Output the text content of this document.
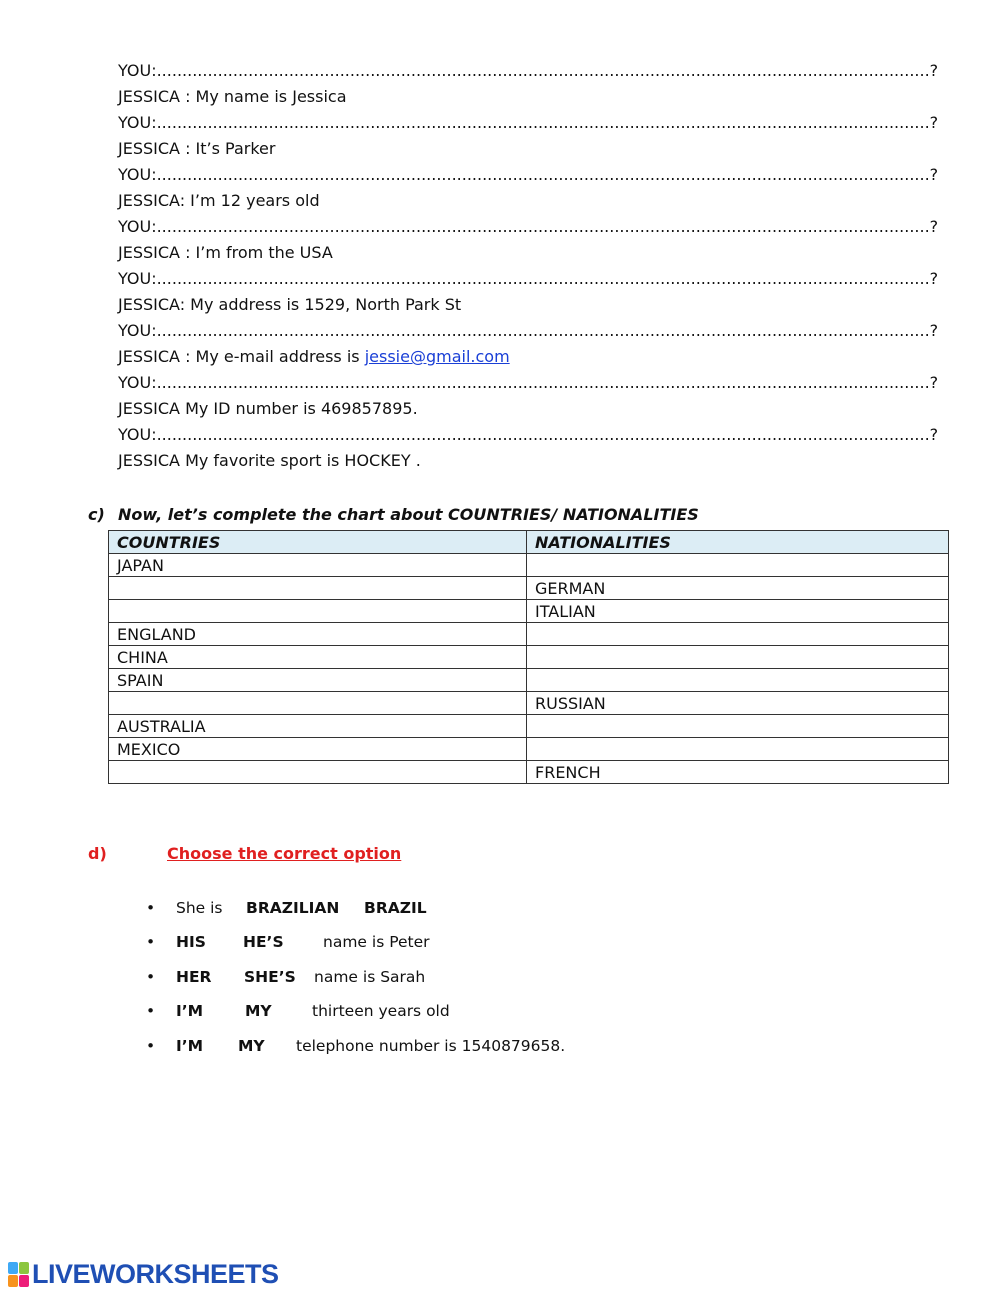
YOU: ........................................................................................................................................................ ?
JESSICA : My name is Jessica
YOU: ........................................................................................................................................................ ?
JESSICA : It’s Parker
YOU: ........................................................................................................................................................ ?
JESSICA: I’m 12 years old
YOU: ........................................................................................................................................................ ?
JESSICA : I’m from the USA
YOU: ........................................................................................................................................................ ?
JESSICA: My address is 1529, North Park St
YOU: ........................................................................................................................................................ ?
JESSICA : My e-mail address is jessie@gmail.com
YOU: ........................................................................................................................................................ ?
JESSICA My ID number is 469857895.
YOU: ........................................................................................................................................................ ?
JESSICA My favorite sport is HOCKEY .
c) Now, let’s complete the chart about COUNTRIES/ NATIONALITIES
COUNTRIES	NATIONALITIES
JAPAN	
	GERMAN
	ITALIAN
ENGLAND	
CHINA	
SPAIN	
	RUSSIAN
AUSTRALIA	
MEXICO	
	FRENCH
d)	Choose the correct option
• She is BRAZILIAN BRAZIL
• HIS HE’S	name is Peter
• HER SHE’S name is Sarah
• I’M	MY	thirteen years old
• I’M MY telephone number is 1540879658.
LIVEWORKSHEETS
